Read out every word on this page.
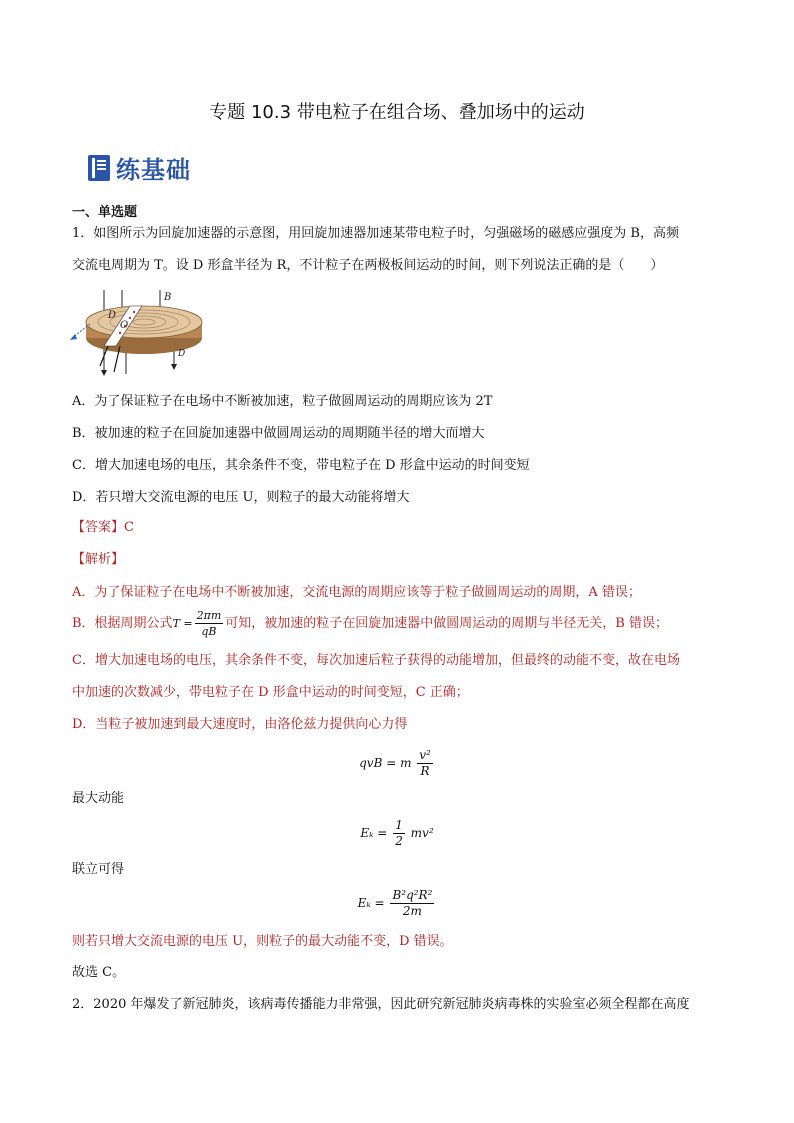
专题 10.3 带电粒子在组合场、叠加场中的运动
练基础
一、单选题
1．如图所示为回旋加速器的示意图，用回旋加速器加速某带电粒子时，匀强磁场的磁感应强度为 B，高频
交流电周期为 T。设 D 形盒半径为 R，不计粒子在两极板间运动的时间，则下列说法正确的是（　　）
B
D
D
O
A．为了保证粒子在电场中不断被加速，粒子做圆周运动的周期应该为 2T
B．被加速的粒子在回旋加速器中做圆周运动的周期随半径的增大而增大
C．增大加速电场的电压，其余条件不变，带电粒子在 D 形盒中运动的时间变短
D．若只增大交流电源的电压 U，则粒子的最大动能将增大
【答案】C
【解析】
A．为了保证粒子在电场中不断被加速，交流电源的周期应该等于粒子做圆周运动的周期，A 错误；
B．根据周期公式 $T = \frac{2\pi m}{qB}$ 可知，被加速的粒子在回旋加速器中做圆周运动的周期与半径无关，B 错误；
C．增大加速电场的电压，其余条件不变，每次加速后粒子获得的动能增加，但最终的动能不变，故在电场
中加速的次数减少，带电粒子在 D 形盒中运动的时间变短，C 正确；
D．当粒子被加速到最大速度时，由洛伦兹力提供向心力得
qvB = m $\frac{\text{v²}}{R}$
最大动能
$E_k = \frac{1}{2} mv^2$
联立可得
$E_k = \frac{\text{B²q²R²}}{2m}$
则若只增大交流电源的电压 U，则粒子的最大动能不变，D 错误。
故选 C。
2．2020 年爆发了新冠肺炎，该病毒传播能力非常强，因此研究新冠肺炎病毒株的实验室必须全程都在高度
